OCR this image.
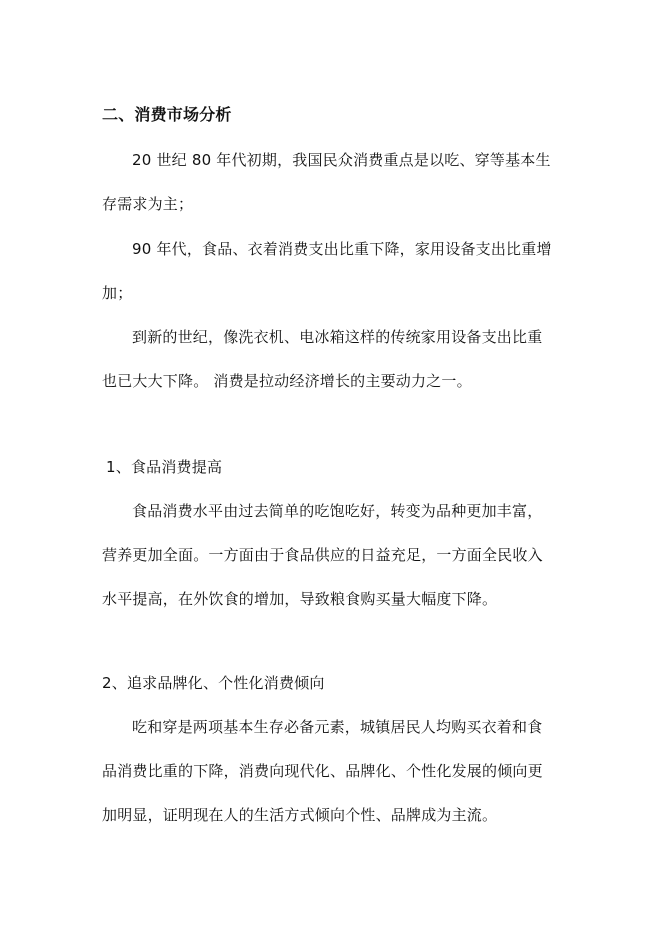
二、消费市场分析
20 世纪 80 年代初期，我国民众消费重点是以吃、穿等基本生
存需求为主；
90 年代，食品、衣着消费支出比重下降，家用设备支出比重增
加；
到新的世纪，像洗衣机、电冰箱这样的传统家用设备支出比重
也已大大下降。 消费是拉动经济增长的主要动力之一。
1、食品消费提高
食品消费水平由过去简单的吃饱吃好，转变为品种更加丰富，
营养更加全面。一方面由于食品供应的日益充足，一方面全民收入
水平提高，在外饮食的增加，导致粮食购买量大幅度下降。
2、追求品牌化、个性化消费倾向
吃和穿是两项基本生存必备元素，城镇居民人均购买衣着和食
品消费比重的下降，消费向现代化、品牌化、个性化发展的倾向更
加明显，证明现在人的生活方式倾向个性、品牌成为主流。
